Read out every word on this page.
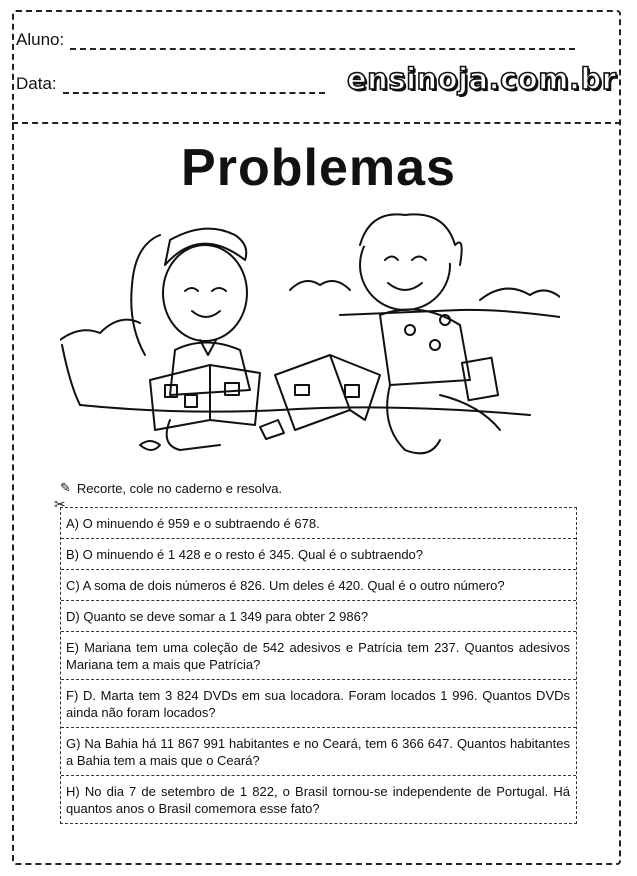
Aluno:
Data:	ensinoja.com.br
Problemas
✎ Recorte, cole no caderno e resolva.
✂
A) O minuendo é 959 e o subtraendo é 678.
B) O minuendo é 1 428 e o resto é 345. Qual é o subtraendo?
C) A soma de dois números é 826. Um deles é 420. Qual é o outro número?
D) Quanto se deve somar a 1 349 para obter 2 986?
E) Mariana tem uma coleção de 542 adesivos e Patrícia tem 237. Quantos adesivos Mariana tem a mais que Patrícia?
F) D. Marta tem 3 824 DVDs em sua locadora. Foram locados 1 996. Quantos DVDs ainda não foram locados?
G) Na Bahia há 11 867 991 habitantes e no Ceará, tem 6 366 647. Quantos habitantes a Bahia tem a mais que o Ceará?
H) No dia 7 de setembro de 1 822, o Brasil tornou-se independente de Portugal. Há quantos anos o Brasil comemora esse fato?
